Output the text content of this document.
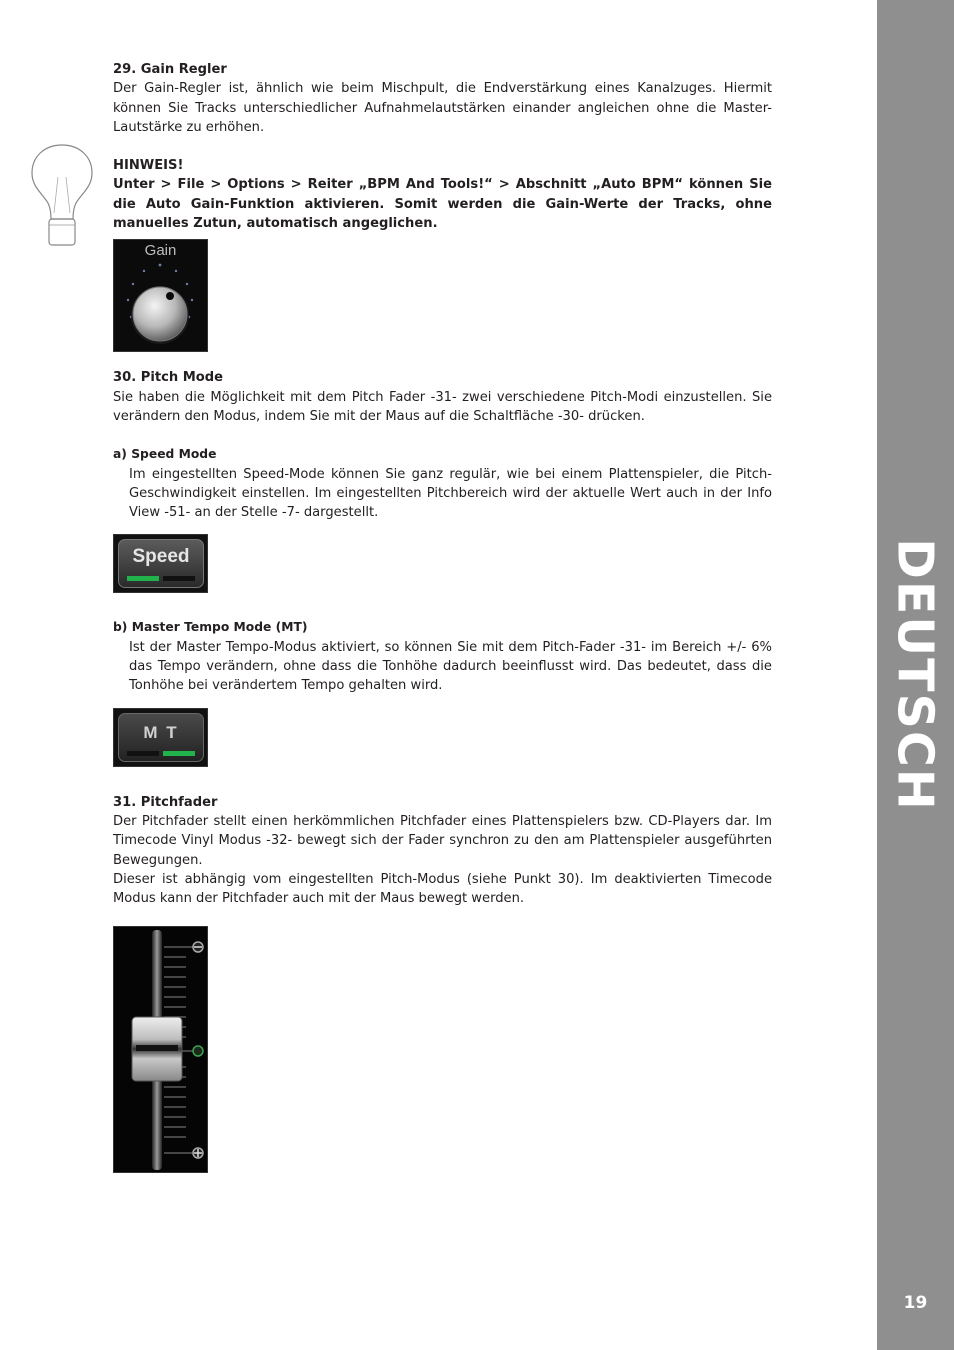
29. Gain Regler

Der Gain-Regler ist, ähnlich wie beim Mischpult, die Endverstärkung eines Kanalzuges. Hiermit können Sie Tracks unterschiedlicher Aufnahmelautstärken einander angleichen ohne die Master-Lautstärke zu erhöhen.

HINWEIS!

Unter > File > Options > Reiter „BPM And Tools!“ > Abschnitt „Auto BPM“ können Sie die Auto Gain-Funktion aktivieren. Somit werden die Gain-Werte der Tracks, ohne manuelles Zutun, automatisch angeglichen.

Gain

30. Pitch Mode

Sie haben die Möglichkeit mit dem Pitch Fader -31- zwei verschiedene Pitch-Modi einzustellen. Sie verändern den Modus, indem Sie mit der Maus auf die Schaltfläche -30- drücken.

a) Speed Mode

Im eingestellten Speed-Mode können Sie ganz regulär, wie bei einem Plattenspieler, die Pitch-Geschwindigkeit einstellen. Im eingestellten Pitchbereich wird der aktuelle Wert auch in der Info View -51- an der Stelle -7- dargestellt.

Speed

b) Master Tempo Mode (MT)

Ist der Master Tempo-Modus aktiviert, so können Sie mit dem Pitch-Fader -31- im Bereich +/- 6% das Tempo verändern, ohne dass die Tonhöhe dadurch beeinflusst wird. Das bedeutet, dass die Tonhöhe bei verändertem Tempo gehalten wird.

M T

31. Pitchfader

Der Pitchfader stellt einen herkömmlichen Pitchfader eines Plattenspielers bzw. CD-Players dar. Im Timecode Vinyl Modus -32- bewegt sich der Fader synchron zu den am Plattenspieler ausgeführten Bewegungen.

Dieser ist abhängig vom eingestellten Pitch-Modus (siehe Punkt 30). Im deaktivierten Timecode Modus kann der Pitchfader auch mit der Maus bewegt werden.

DEUTSCH
19
